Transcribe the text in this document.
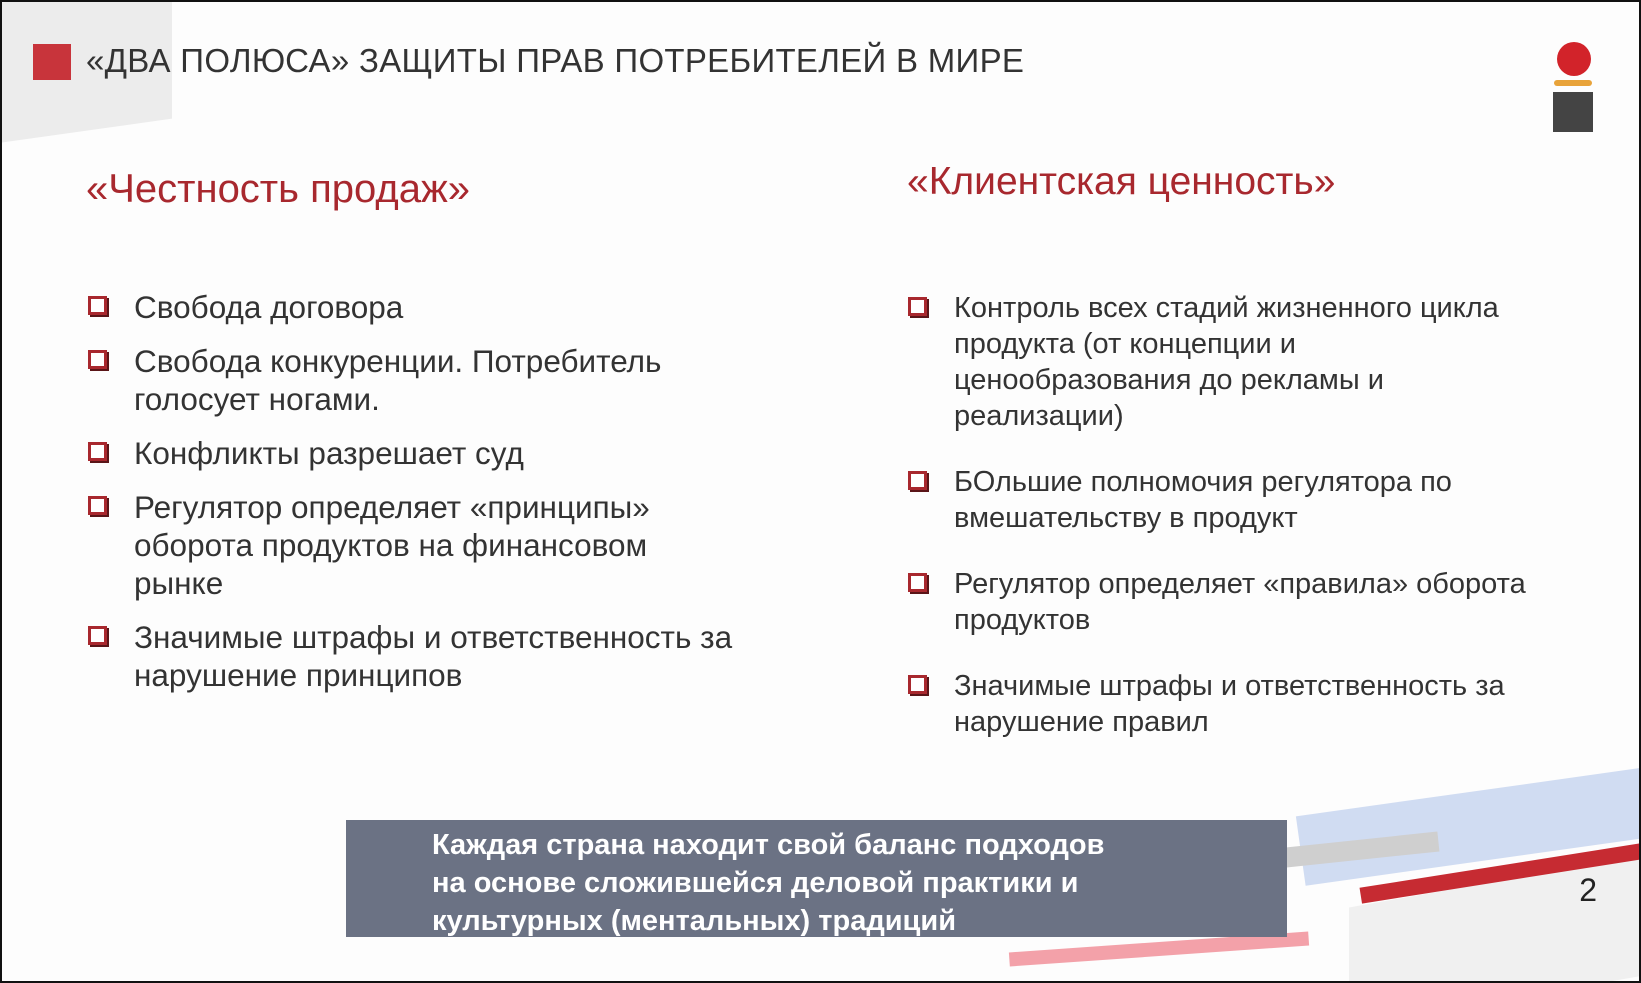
«ДВА ПОЛЮСА» ЗАЩИТЫ ПРАВ ПОТРЕБИТЕЛЕЙ В МИРЕ
«Честность продаж»
Свобода договора
Свобода конкуренции. Потребитель голосует ногами.
Конфликты разрешает суд
Регулятор определяет «принципы» оборота продуктов на финансовом рынке
Значимые штрафы и ответственность за нарушение принципов
«Клиентская ценность»
Контроль всех стадий жизненного цикла продукта (от концепции и ценообразования до рекламы и реализации)
БОльшие полномочия регулятора по вмешательству в продукт
Регулятор определяет «правила» оборота продуктов
Значимые штрафы и ответственность за нарушение правил
Каждая страна находит свой баланс подходов
на основе сложившейся деловой практики и
культурных (ментальных) традиций
2
